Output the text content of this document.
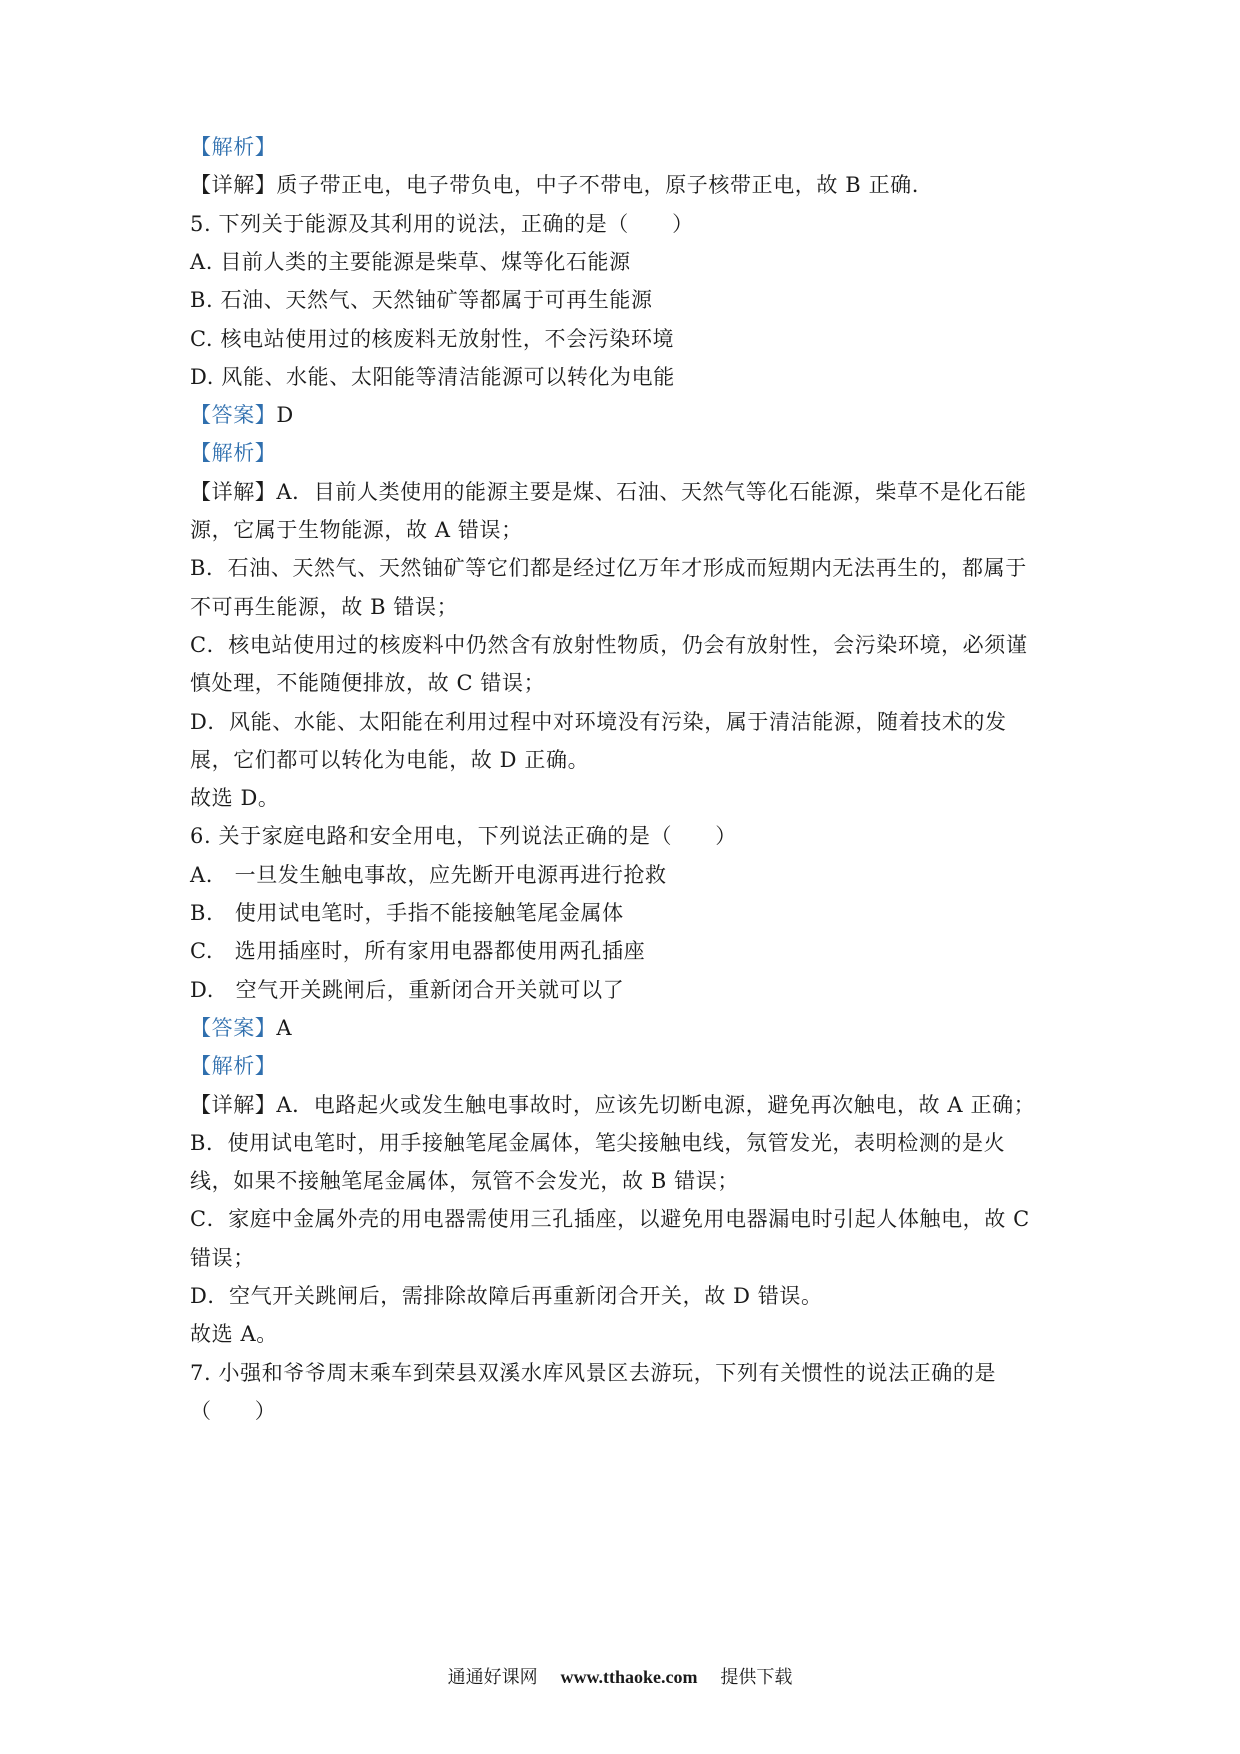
【解析】
【详解】质子带正电，电子带负电，中子不带电，原子核带正电，故 B 正确.
5. 下列关于能源及其利用的说法，正确的是（　　）
A. 目前人类的主要能源是柴草、煤等化石能源
B. 石油、天然气、天然铀矿等都属于可再生能源
C. 核电站使用过的核废料无放射性，不会污染环境
D. 风能、水能、太阳能等清洁能源可以转化为电能
【答案】D
【解析】
【详解】A．目前人类使用的能源主要是煤、石油、天然气等化石能源，柴草不是化石能
源，它属于生物能源，故 A 错误；
B．石油、天然气、天然铀矿等它们都是经过亿万年才形成而短期内无法再生的，都属于
不可再生能源，故 B 错误；
C．核电站使用过的核废料中仍然含有放射性物质，仍会有放射性，会污染环境，必须谨
慎处理，不能随便排放，故 C 错误；
D．风能、水能、太阳能在利用过程中对环境没有污染，属于清洁能源，随着技术的发
展，它们都可以转化为电能，故 D 正确。
故选 D。
6. 关于家庭电路和安全用电，下列说法正确的是（　　）
A.　一旦发生触电事故，应先断开电源再进行抢救
B.　使用试电笔时，手指不能接触笔尾金属体
C.　选用插座时，所有家用电器都使用两孔插座
D.　空气开关跳闸后，重新闭合开关就可以了
【答案】A
【解析】
【详解】A．电路起火或发生触电事故时，应该先切断电源，避免再次触电，故 A 正确；
B．使用试电笔时，用手接触笔尾金属体，笔尖接触电线，氖管发光，表明检测的是火
线，如果不接触笔尾金属体，氖管不会发光，故 B 错误；
C．家庭中金属外壳的用电器需使用三孔插座，以避免用电器漏电时引起人体触电，故 C
错误；
D．空气开关跳闸后，需排除故障后再重新闭合开关，故 D 错误。
故选 A。
7. 小强和爷爷周末乘车到荣县双溪水库风景区去游玩，下列有关惯性的说法正确的是
（　　）
通通好课网 www.tthaoke.com 提供下载
